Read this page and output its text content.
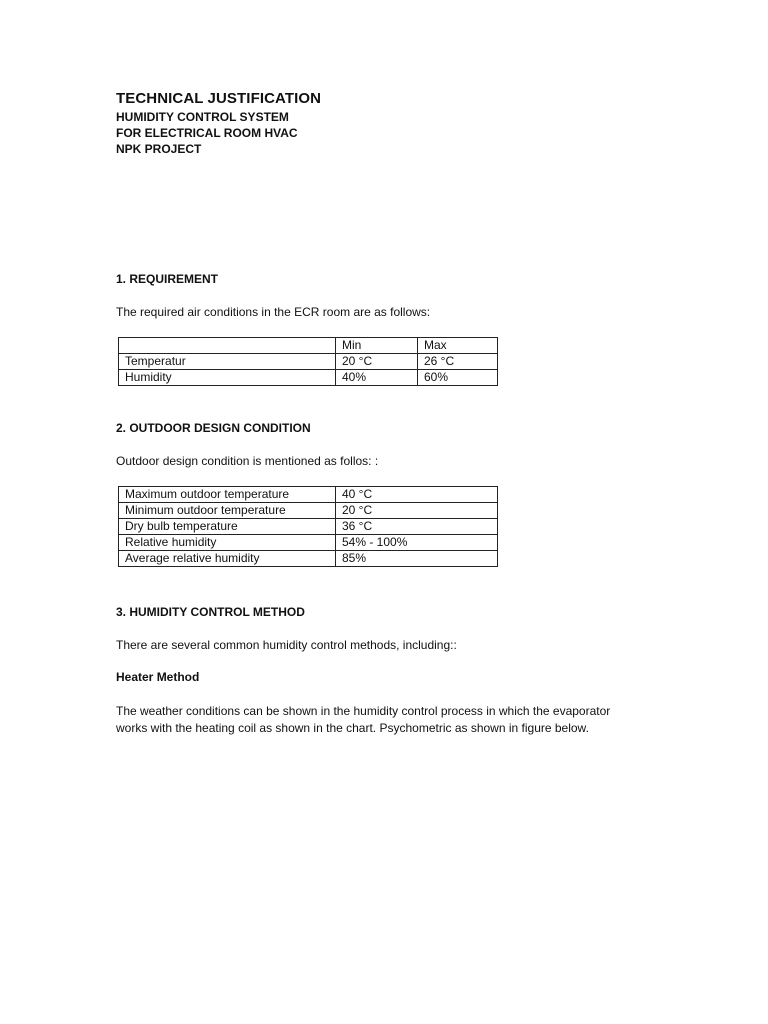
TECHNICAL JUSTIFICATION
HUMIDITY CONTROL SYSTEM
FOR ELECTRICAL ROOM HVAC
NPK PROJECT
1. REQUIREMENT
The required air conditions in the ECR room are as follows:
	Min	Max
Temperatur	20 °C	26 °C
Humidity	40%	60%
2. OUTDOOR DESIGN CONDITION
Outdoor design condition is mentioned as follos: :
Maximum outdoor temperature	40 °C
Minimum outdoor temperature	20 °C
Dry bulb temperature	36 °C
Relative humidity	54% - 100%
Average relative humidity	85%
3. HUMIDITY CONTROL METHOD
There are several common humidity control methods, including::
Heater Method
The weather conditions can be shown in the humidity control process in which the evaporator works with the heating coil as shown in the chart. Psychometric as shown in figure below.
